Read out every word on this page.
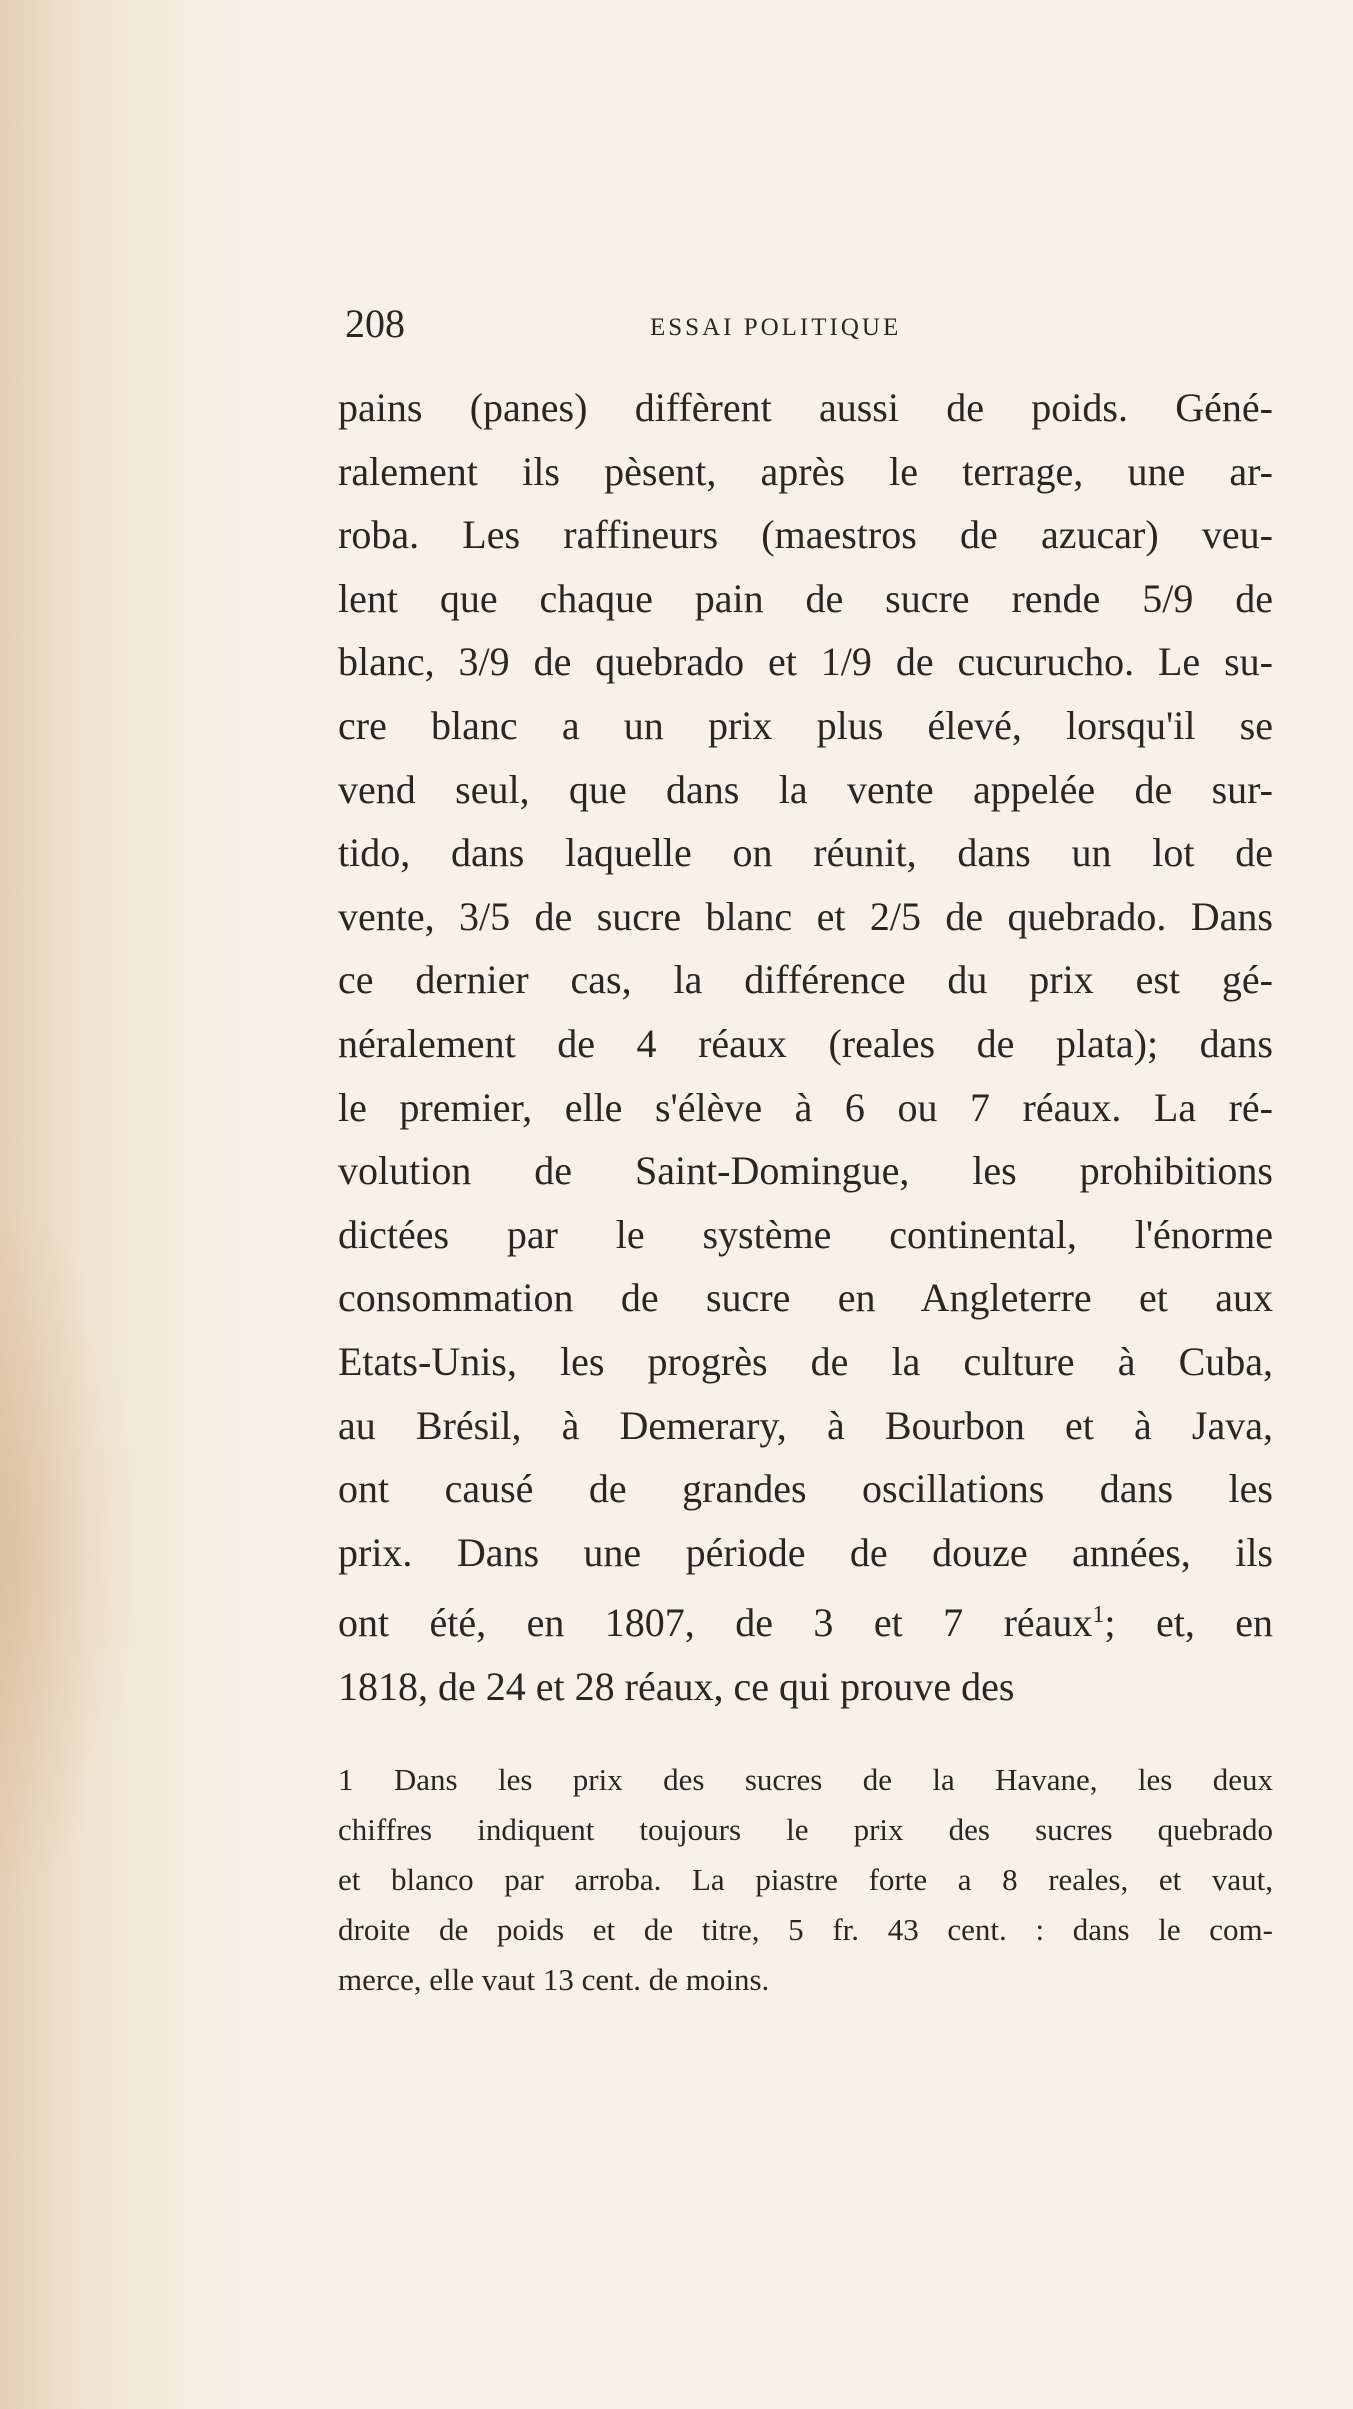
208	ESSAI POLITIQUE
pains (panes) diffèrent aussi de poids. Géné-
ralement ils pèsent, après le terrage, une ar-
roba. Les raffineurs (maestros de azucar) veu-
lent que chaque pain de sucre rende 5/9 de
blanc, 3/9 de quebrado et 1/9 de cucurucho. Le su-
cre blanc a un prix plus élevé, lorsqu'il se
vend seul, que dans la vente appelée de sur-
tido, dans laquelle on réunit, dans un lot de
vente, 3/5 de sucre blanc et 2/5 de quebrado. Dans
ce dernier cas, la différence du prix est gé-
néralement de 4 réaux (reales de plata); dans
le premier, elle s'élève à 6 ou 7 réaux. La ré-
volution de Saint-Domingue, les prohibitions
dictées par le système continental, l'énorme
consommation de sucre en Angleterre et aux
Etats-Unis, les progrès de la culture à Cuba,
au Brésil, à Demerary, à Bourbon et à Java,
ont causé de grandes oscillations dans les
prix. Dans une période de douze années, ils
ont été, en 1807, de 3 et 7 réaux$^1$; et, en
1818, de 24 et 28 réaux, ce qui prouve des
1 Dans les prix des sucres de la Havane, les deux
chiffres indiquent toujours le prix des sucres quebrado
et blanco par arroba. La piastre forte a 8 reales, et vaut,
droite de poids et de titre, 5 fr. 43 cent. : dans le com-
merce, elle vaut 13 cent. de moins.
